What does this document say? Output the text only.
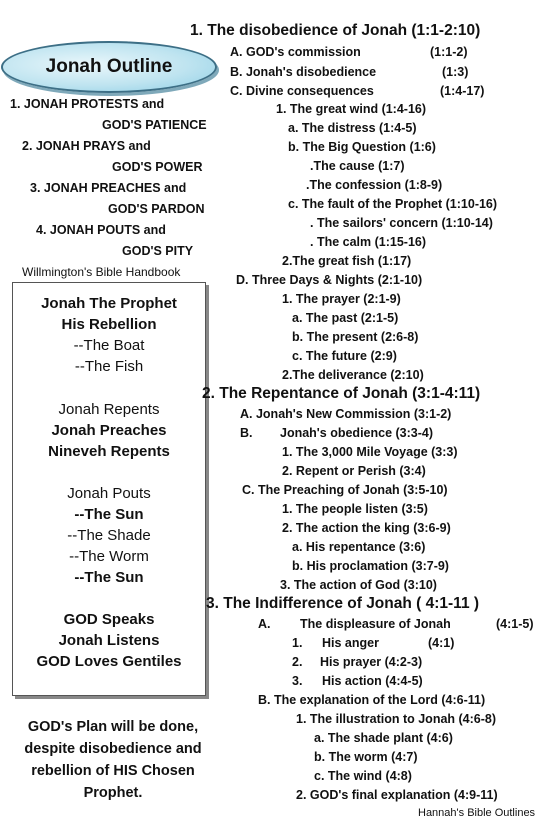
Jonah Outline
1. JONAH PROTESTS and
GOD'S PATIENCE
2. JONAH PRAYS and
GOD'S POWER
3. JONAH PREACHES and
GOD'S PARDON
4. JONAH POUTS and
GOD'S PITY
Willmington's Bible Handbook
Jonah The Prophet
His Rebellion
--The Boat
--The Fish
Jonah Repents
Jonah Preaches
Nineveh Repents
Jonah Pouts
--The Sun
--The Shade
--The Worm
--The Sun
GOD Speaks
Jonah Listens
GOD Loves Gentiles
GOD's Plan will be done,
despite disobedience and
rebellion of HIS Chosen
Prophet.
1. The disobedience of Jonah (1:1-2:10)
A. GOD's commission	(1:1-2)
B. Jonah's disobedience	(1:3)
C. Divine consequences	(1:4-17)
1. The great wind (1:4-16)
a. The distress (1:4-5)
b. The Big Question (1:6)
.The cause (1:7)
.The confession (1:8-9)
c. The fault of the Prophet (1:10-16)
. The sailors' concern (1:10-14)
. The calm (1:15-16)
2.The great fish (1:17)
D. Three Days & Nights (2:1-10)
1. The prayer (2:1-9)
a. The past (2:1-5)
b. The present (2:6-8)
c. The future (2:9)
2.The deliverance (2:10)
2. The Repentance of Jonah (3:1-4:11)
A. Jonah's New Commission (3:1-2)
B. Jonah's obedience (3:3-4)
1. The 3,000 Mile Voyage (3:3)
2. Repent or Perish (3:4)
C. The Preaching of Jonah (3:5-10)
1. The people listen (3:5)
2. The action the king (3:6-9)
a. His repentance (3:6)
b. His proclamation (3:7-9)
3. The action of God (3:10)
3. The Indifference of Jonah ( 4:1-11 )
A. The displeasure of Jonah	(4:1-5)
1. His anger	(4:1)
2. His prayer (4:2-3)
3. His action (4:4-5)
B. The explanation of the Lord (4:6-11)
1. The illustration to Jonah (4:6-8)
a. The shade plant (4:6)
b. The worm (4:7)
c. The wind (4:8)
2. GOD's final explanation (4:9-11)
Hannah's Bible Outlines
